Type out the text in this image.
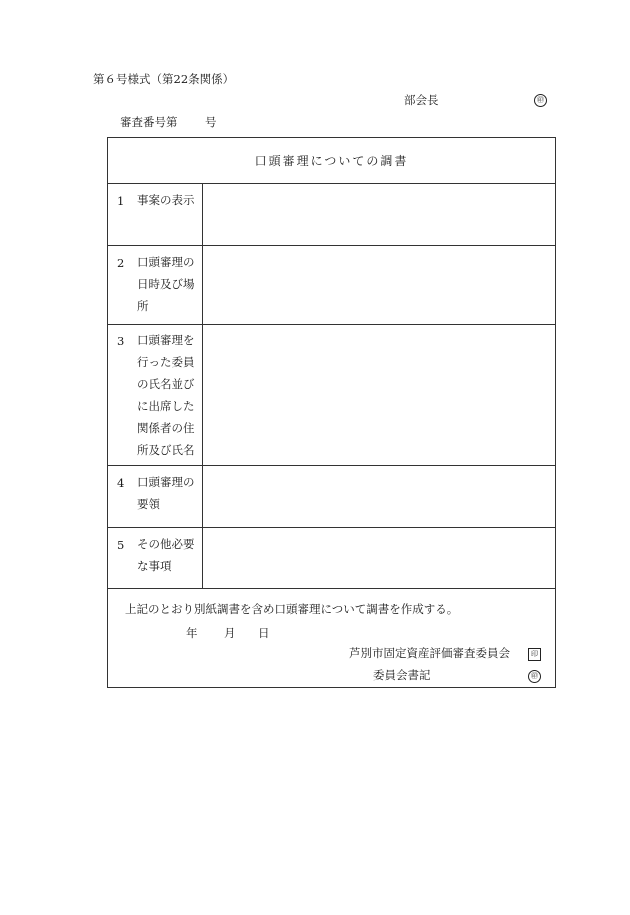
第６号様式（第22条関係）
部会長	㊞
審査番号第 号
口頭審理についての調書
1 事案の表示
2 口頭審理の
日時及び場
所
3 口頭審理を
行った委員
の氏名並び
に出席した
関係者の住
所及び氏名
4 口頭審理の
要領
5 その他必要
な事項
上記のとおり別紙調書を含め口頭審理について調書を作成する。
年 月 日
芦別市固定資産評価審査委員会	印
委員会書記	㊞
